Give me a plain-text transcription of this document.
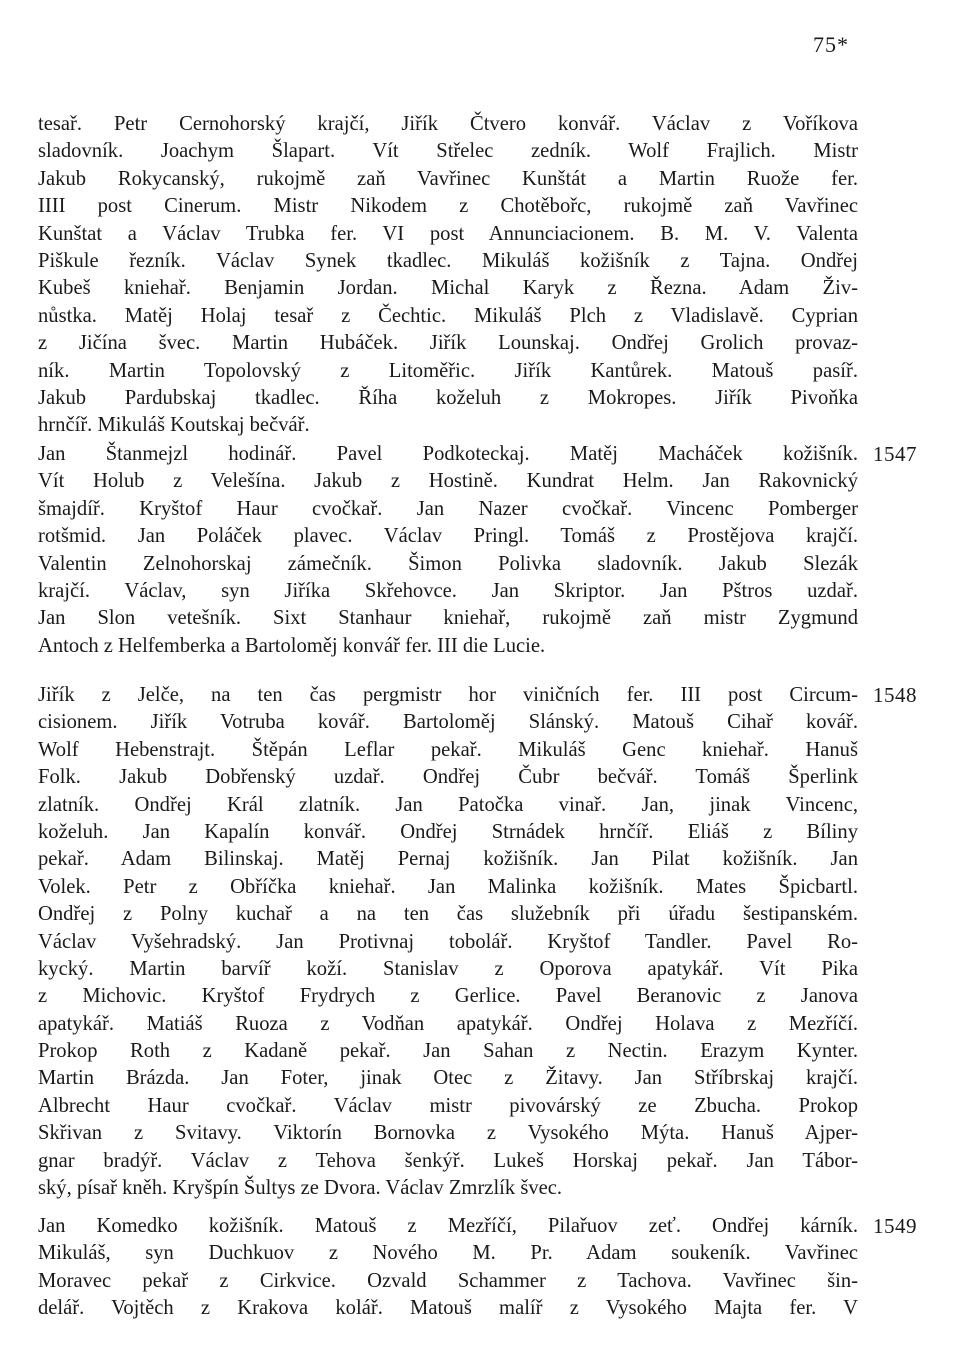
75*
tesař. Petr Cernohorský krajčí, Jiřík Čtvero konvář. Václav z Voříkova
sladovník. Joachym Šlapart. Vít Střelec zedník. Wolf Frajlich. Mistr
Jakub Rokycanský, rukojmě zaň Vavřinec Kunštát a Martin Ruože fer.
IIII post Cinerum. Mistr Nikodem z Chotěbořc, rukojmě zaň Vavřinec
Kunštat a Václav Trubka fer. VI post Annunciacionem. B. M. V. Valenta
Piškule řezník. Václav Synek tkadlec. Mikuláš kožišník z Tajna. Ondřej
Kubeš kniehař. Benjamin Jordan. Michal Karyk z Řezna. Adam Živ-
nůstka. Matěj Holaj tesař z Čechtic. Mikuláš Plch z Vladislavě. Cyprian
z Jičína švec. Martin Hubáček. Jiřík Lounskaj. Ondřej Grolich provaz-
ník. Martin Topolovský z Litoměřic. Jiřík Kantůrek. Matouš pasíř.
Jakub Pardubskaj tkadlec. Říha koželuh z Mokropes. Jiřík Pivoňka
hrnčíř. Mikuláš Koutskaj bečvář.
1547
Jan Štanmejzl hodinář. Pavel Podkoteckaj. Matěj Macháček kožišník.
Vít Holub z Velešína. Jakub z Hostině. Kundrat Helm. Jan Rakovnický
šmajdíř. Kryštof Haur cvočkař. Jan Nazer cvočkař. Vincenc Pomberger
rotšmid. Jan Poláček plavec. Václav Pringl. Tomáš z Prostějova krajčí.
Valentin Zelnohorskaj zámečník. Šimon Polivka sladovník. Jakub Slezák
krajčí. Václav, syn Jiříka Skřehovce. Jan Skriptor. Jan Pštros uzdař.
Jan Slon vetešník. Sixt Stanhaur kniehař, rukojmě zaň mistr Zygmund
Antoch z Helfemberka a Bartoloměj konvář fer. III die Lucie.
1548
Jiřík z Jelče, na ten čas pergmistr hor viničních fer. III post Circum-
cisionem. Jiřík Votruba kovář. Bartoloměj Slánský. Matouš Cihař kovář.
Wolf Hebenstrajt. Štěpán Leflar pekař. Mikuláš Genc kniehař. Hanuš
Folk. Jakub Dobřenský uzdař. Ondřej Čubr bečvář. Tomáš Šperlink
zlatník. Ondřej Král zlatník. Jan Patočka vinař. Jan, jinak Vincenc,
koželuh. Jan Kapalín konvář. Ondřej Strnádek hrnčíř. Eliáš z Bíliny
pekař. Adam Bilinskaj. Matěj Pernaj kožišník. Jan Pilat kožišník. Jan
Volek. Petr z Obříčka kniehař. Jan Malinka kožišník. Mates Špicbartl.
Ondřej z Polny kuchař a na ten čas služebník při úřadu šestipanském.
Václav Vyšehradský. Jan Protivnaj tobolář. Kryštof Tandler. Pavel Ro-
kycký. Martin barvíř koží. Stanislav z Oporova apatykář. Vít Pika
z Michovic. Kryštof Frydrych z Gerlice. Pavel Beranovic z Janova
apatykář. Matiáš Ruoza z Vodňan apatykář. Ondřej Holava z Mezříčí.
Prokop Roth z Kadaně pekař. Jan Sahan z Nectin. Erazym Kynter.
Martin Brázda. Jan Foter, jinak Otec z Žitavy. Jan Stříbrskaj krajčí.
Albrecht Haur cvočkař. Václav mistr pivovárský ze Zbucha. Prokop
Skřivan z Svitavy. Viktorín Bornovka z Vysokého Mýta. Hanuš Ajper-
gnar bradýř. Václav z Tehova šenkýř. Lukeš Horskaj pekař. Jan Tábor-
ský, písař kněh. Kryšpín Šultys ze Dvora. Václav Zmrzlík švec.
1549
Jan Komedko kožišník. Matouš z Mezříčí, Pilařuov zeť. Ondřej kárník.
Mikuláš, syn Duchkuov z Nového M. Pr. Adam soukeník. Vavřinec
Moravec pekař z Cirkvice. Ozvald Schammer z Tachova. Vavřinec šin-
delář. Vojtěch z Krakova kolář. Matouš malíř z Vysokého Majta fer. V
